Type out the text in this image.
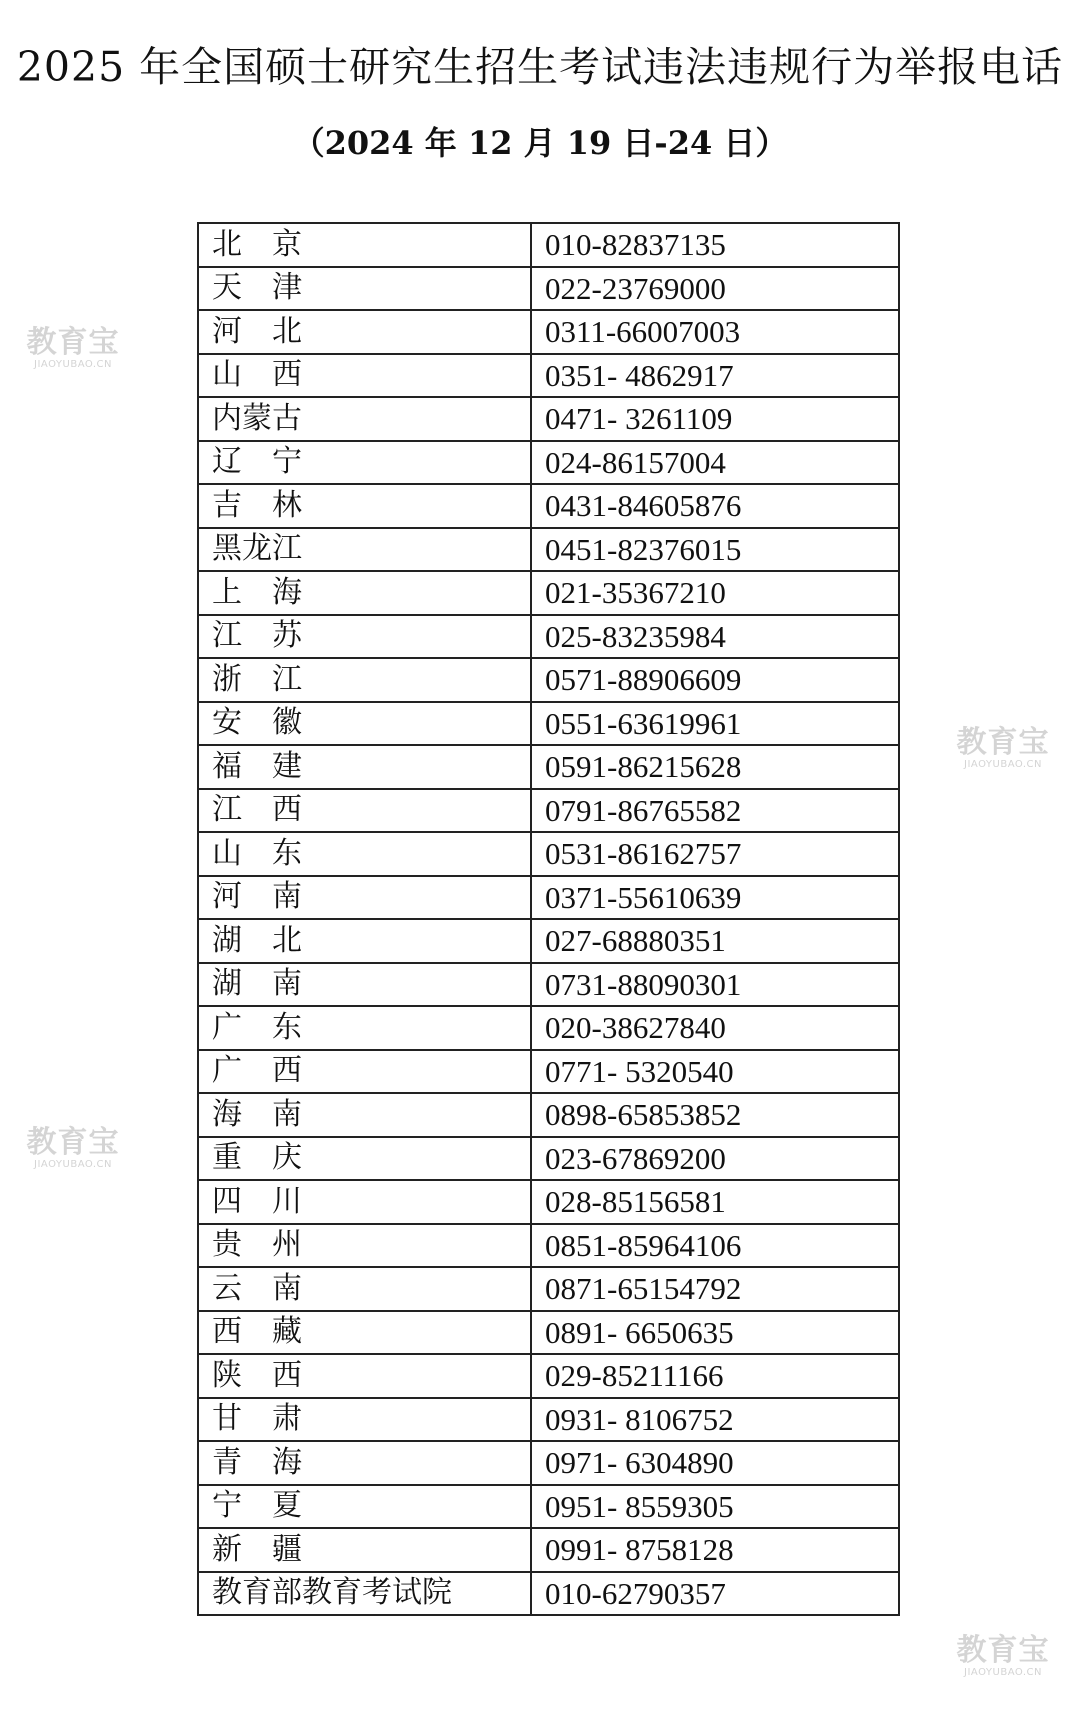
2025 年全国硕士研究生招生考试违法违规行为举报电话
（2024 年 12 月 19 日-24 日）
北　京	010-82837135
天　津	022-23769000
河　北	0311-66007003
山　西	0351- 4862917
内蒙古	0471- 3261109
辽　宁	024-86157004
吉　林	0431-84605876
黑龙江	0451-82376015
上　海	021-35367210
江　苏	025-83235984
浙　江	0571-88906609
安　徽	0551-63619961
福　建	0591-86215628
江　西	0791-86765582
山　东	0531-86162757
河　南	0371-55610639
湖　北	027-68880351
湖　南	0731-88090301
广　东	020-38627840
广　西	0771- 5320540
海　南	0898-65853852
重　庆	023-67869200
四　川	028-85156581
贵　州	0851-85964106
云　南	0871-65154792
西　藏	0891- 6650635
陕　西	029-85211166
甘　肃	0931- 8106752
青　海	0971- 6304890
宁　夏	0951- 8559305
新　疆	0991- 8758128
教育部教育考试院	010-62790357
教育宝
JIAOYUBAO.CN
教育宝
JIAOYUBAO.CN
教育宝
JIAOYUBAO.CN
教育宝
JIAOYUBAO.CN
